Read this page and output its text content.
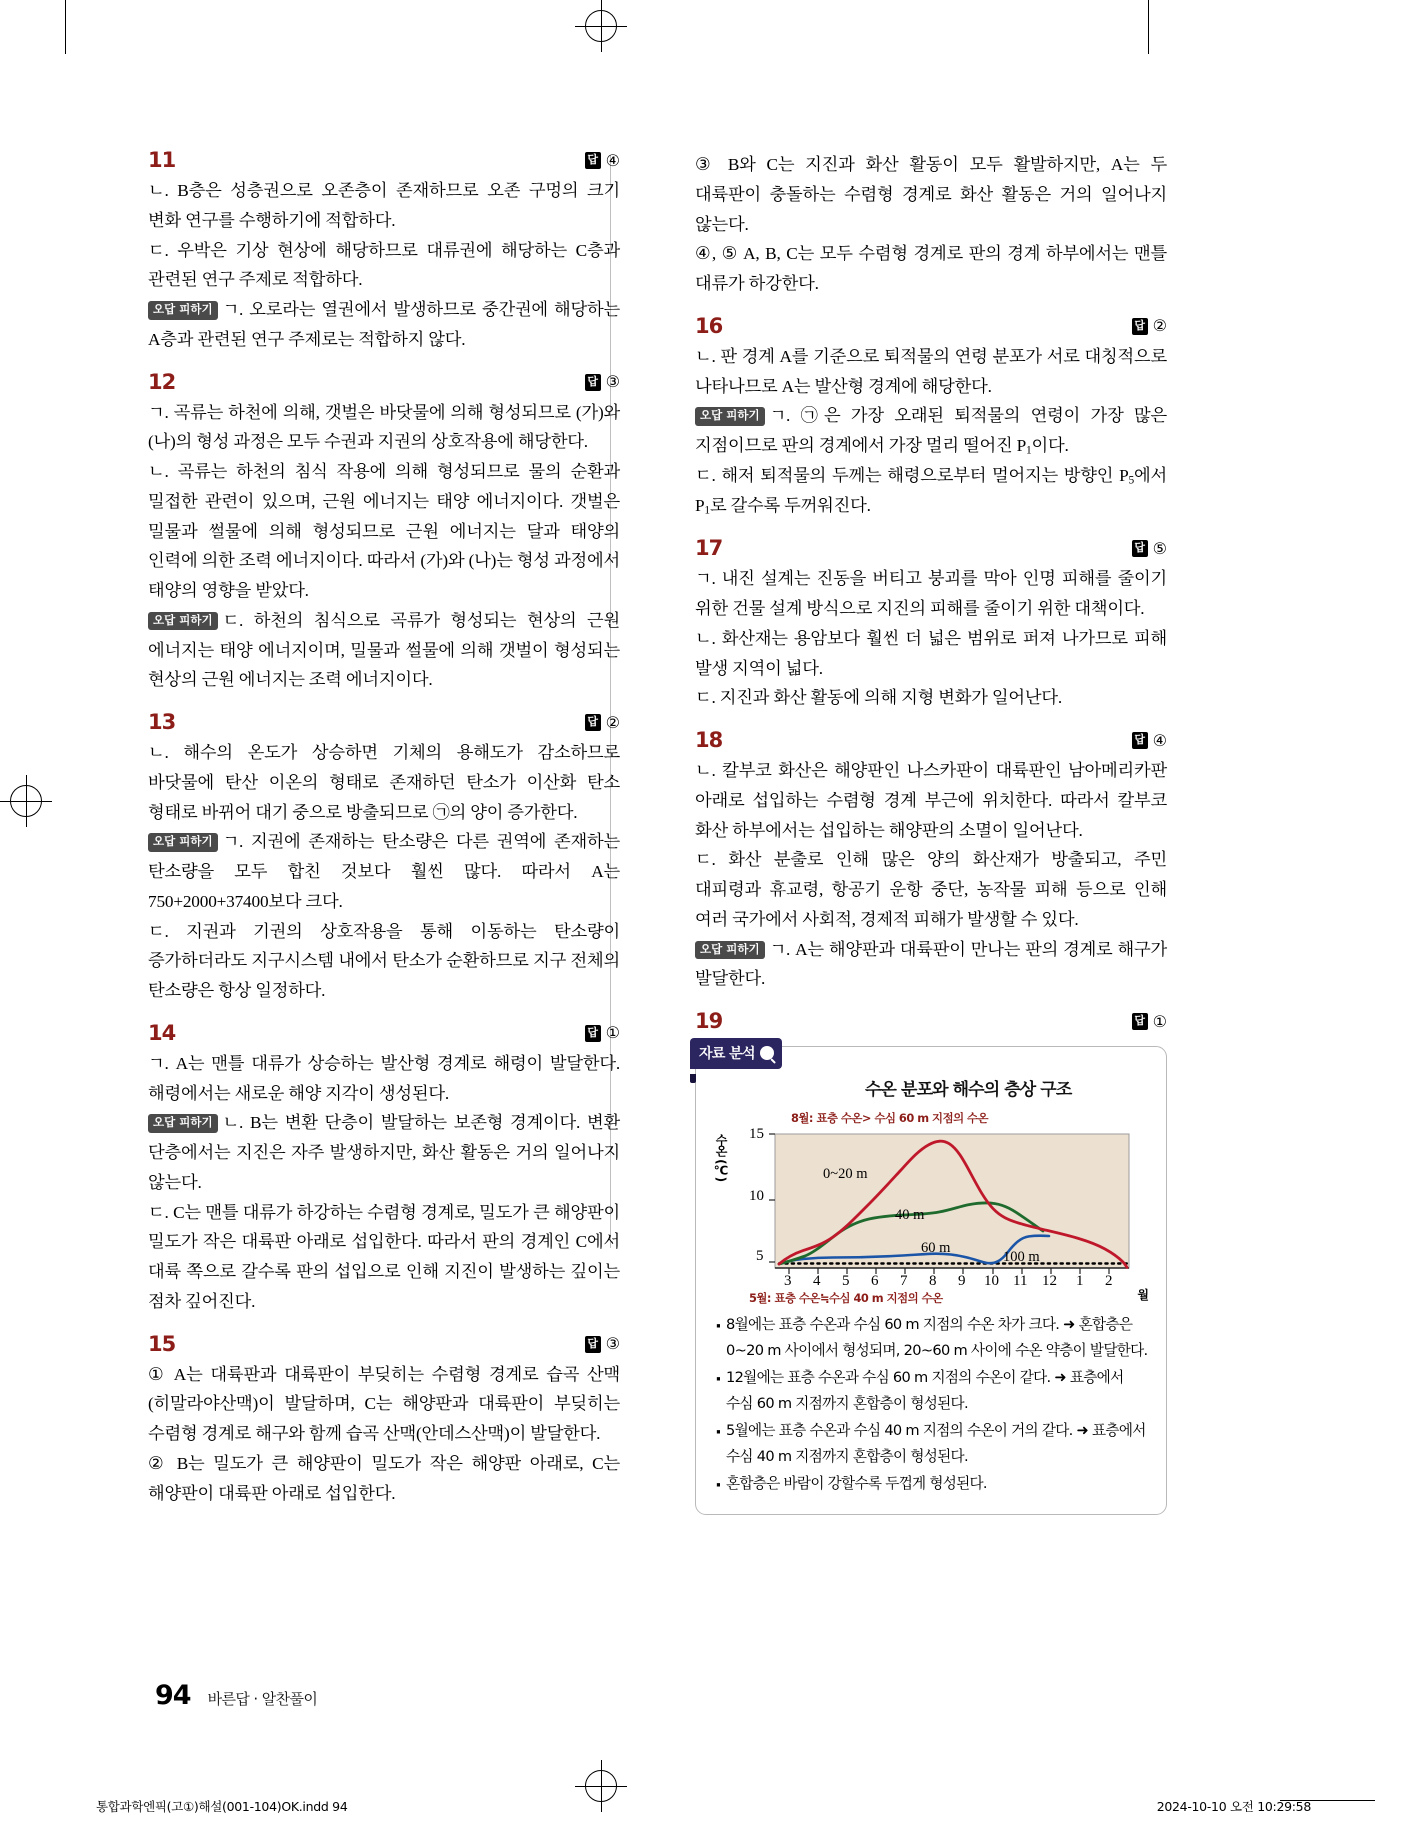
11	답 ④

ㄴ. B층은 성층권으로 오존층이 존재하므로 오존 구멍의 크기 변화 연구를 수행하기에 적합하다.

ㄷ. 우박은 기상 현상에 해당하므로 대류권에 해당하는 C층과 관련된 연구 주제로 적합하다.

오답 피하기 ㄱ. 오로라는 열권에서 발생하므로 중간권에 해당하는 A층과 관련된 연구 주제로는 적합하지 않다.

12	답 ③

ㄱ. 곡류는 하천에 의해, 갯벌은 바닷물에 의해 형성되므로 (가)와 (나)의 형성 과정은 모두 수권과 지권의 상호작용에 해당한다.

ㄴ. 곡류는 하천의 침식 작용에 의해 형성되므로 물의 순환과 밀접한 관련이 있으며, 근원 에너지는 태양 에너지이다. 갯벌은 밀물과 썰물에 의해 형성되므로 근원 에너지는 달과 태양의 인력에 의한 조력 에너지이다. 따라서 (가)와 (나)는 형성 과정에서 태양의 영향을 받았다.

오답 피하기 ㄷ. 하천의 침식으로 곡류가 형성되는 현상의 근원 에너지는 태양 에너지이며, 밀물과 썰물에 의해 갯벌이 형성되는 현상의 근원 에너지는 조력 에너지이다.

13	답 ②

ㄴ. 해수의 온도가 상승하면 기체의 용해도가 감소하므로 바닷물에 탄산 이온의 형태로 존재하던 탄소가 이산화 탄소 형태로 바뀌어 대기 중으로 방출되므로 ㉠의 양이 증가한다.

오답 피하기 ㄱ. 지권에 존재하는 탄소량은 다른 권역에 존재하는 탄소량을 모두 합친 것보다 훨씬 많다. 따라서 A는 750+2000+37400보다 크다.

ㄷ. 지권과 기권의 상호작용을 통해 이동하는 탄소량이 증가하더라도 지구시스템 내에서 탄소가 순환하므로 지구 전체의 탄소량은 항상 일정하다.

14	답 ①

ㄱ. A는 맨틀 대류가 상승하는 발산형 경계로 해령이 발달한다. 해령에서는 새로운 해양 지각이 생성된다.

오답 피하기 ㄴ. B는 변환 단층이 발달하는 보존형 경계이다. 변환 단층에서는 지진은 자주 발생하지만, 화산 활동은 거의 일어나지 않는다.

ㄷ. C는 맨틀 대류가 하강하는 수렴형 경계로, 밀도가 큰 해양판이 밀도가 작은 대륙판 아래로 섭입한다. 따라서 판의 경계인 C에서 대륙 쪽으로 갈수록 판의 섭입으로 인해 지진이 발생하는 깊이는 점차 깊어진다.

15	답 ③

① A는 대륙판과 대륙판이 부딪히는 수렴형 경계로 습곡 산맥(히말라야산맥)이 발달하며, C는 해양판과 대륙판이 부딪히는 수렴형 경계로 해구와 함께 습곡 산맥(안데스산맥)이 발달한다.

② B는 밀도가 큰 해양판이 밀도가 작은 해양판 아래로, C는 해양판이 대륙판 아래로 섭입한다.

③ B와 C는 지진과 화산 활동이 모두 활발하지만, A는 두 대륙판이 충돌하는 수렴형 경계로 화산 활동은 거의 일어나지 않는다.

④, ⑤ A, B, C는 모두 수렴형 경계로 판의 경계 하부에서는 맨틀 대류가 하강한다.

16	답 ②

ㄴ. 판 경계 A를 기준으로 퇴적물의 연령 분포가 서로 대칭적으로 나타나므로 A는 발산형 경계에 해당한다.

오답 피하기 ㄱ. ㉠은 가장 오래된 퇴적물의 연령이 가장 많은 지점이므로 판의 경계에서 가장 멀리 떨어진 $P_1$이다.

ㄷ. 해저 퇴적물의 두께는 해령으로부터 멀어지는 방향인 $P_5$에서 $P_1$로 갈수록 두꺼워진다.

17	답 ⑤

ㄱ. 내진 설계는 진동을 버티고 붕괴를 막아 인명 피해를 줄이기 위한 건물 설계 방식으로 지진의 피해를 줄이기 위한 대책이다.

ㄴ. 화산재는 용암보다 훨씬 더 넓은 범위로 퍼져 나가므로 피해 발생 지역이 넓다.

ㄷ. 지진과 화산 활동에 의해 지형 변화가 일어난다.

18	답 ④

ㄴ. 칼부코 화산은 해양판인 나스카판이 대륙판인 남아메리카판 아래로 섭입하는 수렴형 경계 부근에 위치한다. 따라서 칼부코 화산 하부에서는 섭입하는 해양판의 소멸이 일어난다.

ㄷ. 화산 분출로 인해 많은 양의 화산재가 방출되고, 주민 대피령과 휴교령, 항공기 운항 중단, 농작물 피해 등으로 인해 여러 국가에서 사회적, 경제적 피해가 발생할 수 있다.

오답 피하기 ㄱ. A는 해양판과 대륙판이 만나는 판의 경계로 해구가 발달한다.

19	답 ①
자료 분석
수온 분포와 해수의 층상 구조
8월: 표층 수온> 수심 60 m 지점의 수온
5월: 표층 수온≒수심 40 m 지점의 수온
수온 (℃)
월
15
10
5
0~20 m
40 m
60 m
100 m
3 4 5 6 7 8 9 10 11 12 1 2
· 8월에는 표층 수온과 수심 60 m 지점의 수온 차가 크다. ➜ 혼합층은 0~20 m 사이에서 형성되며, 20~60 m 사이에 수온 약층이 발달한다.
· 12월에는 표층 수온과 수심 60 m 지점의 수온이 같다. ➜ 표층에서 수심 60 m 지점까지 혼합층이 형성된다.
· 5월에는 표층 수온과 수심 40 m 지점의 수온이 거의 같다. ➜ 표층에서 수심 40 m 지점까지 혼합층이 형성된다.
· 혼합층은 바람이 강할수록 두껍게 형성된다.
94 바른답 · 알찬풀이
통합과학엔픽(고①)해설(001-104)OK.indd 94	2024-10-10 오전 10:29:58
